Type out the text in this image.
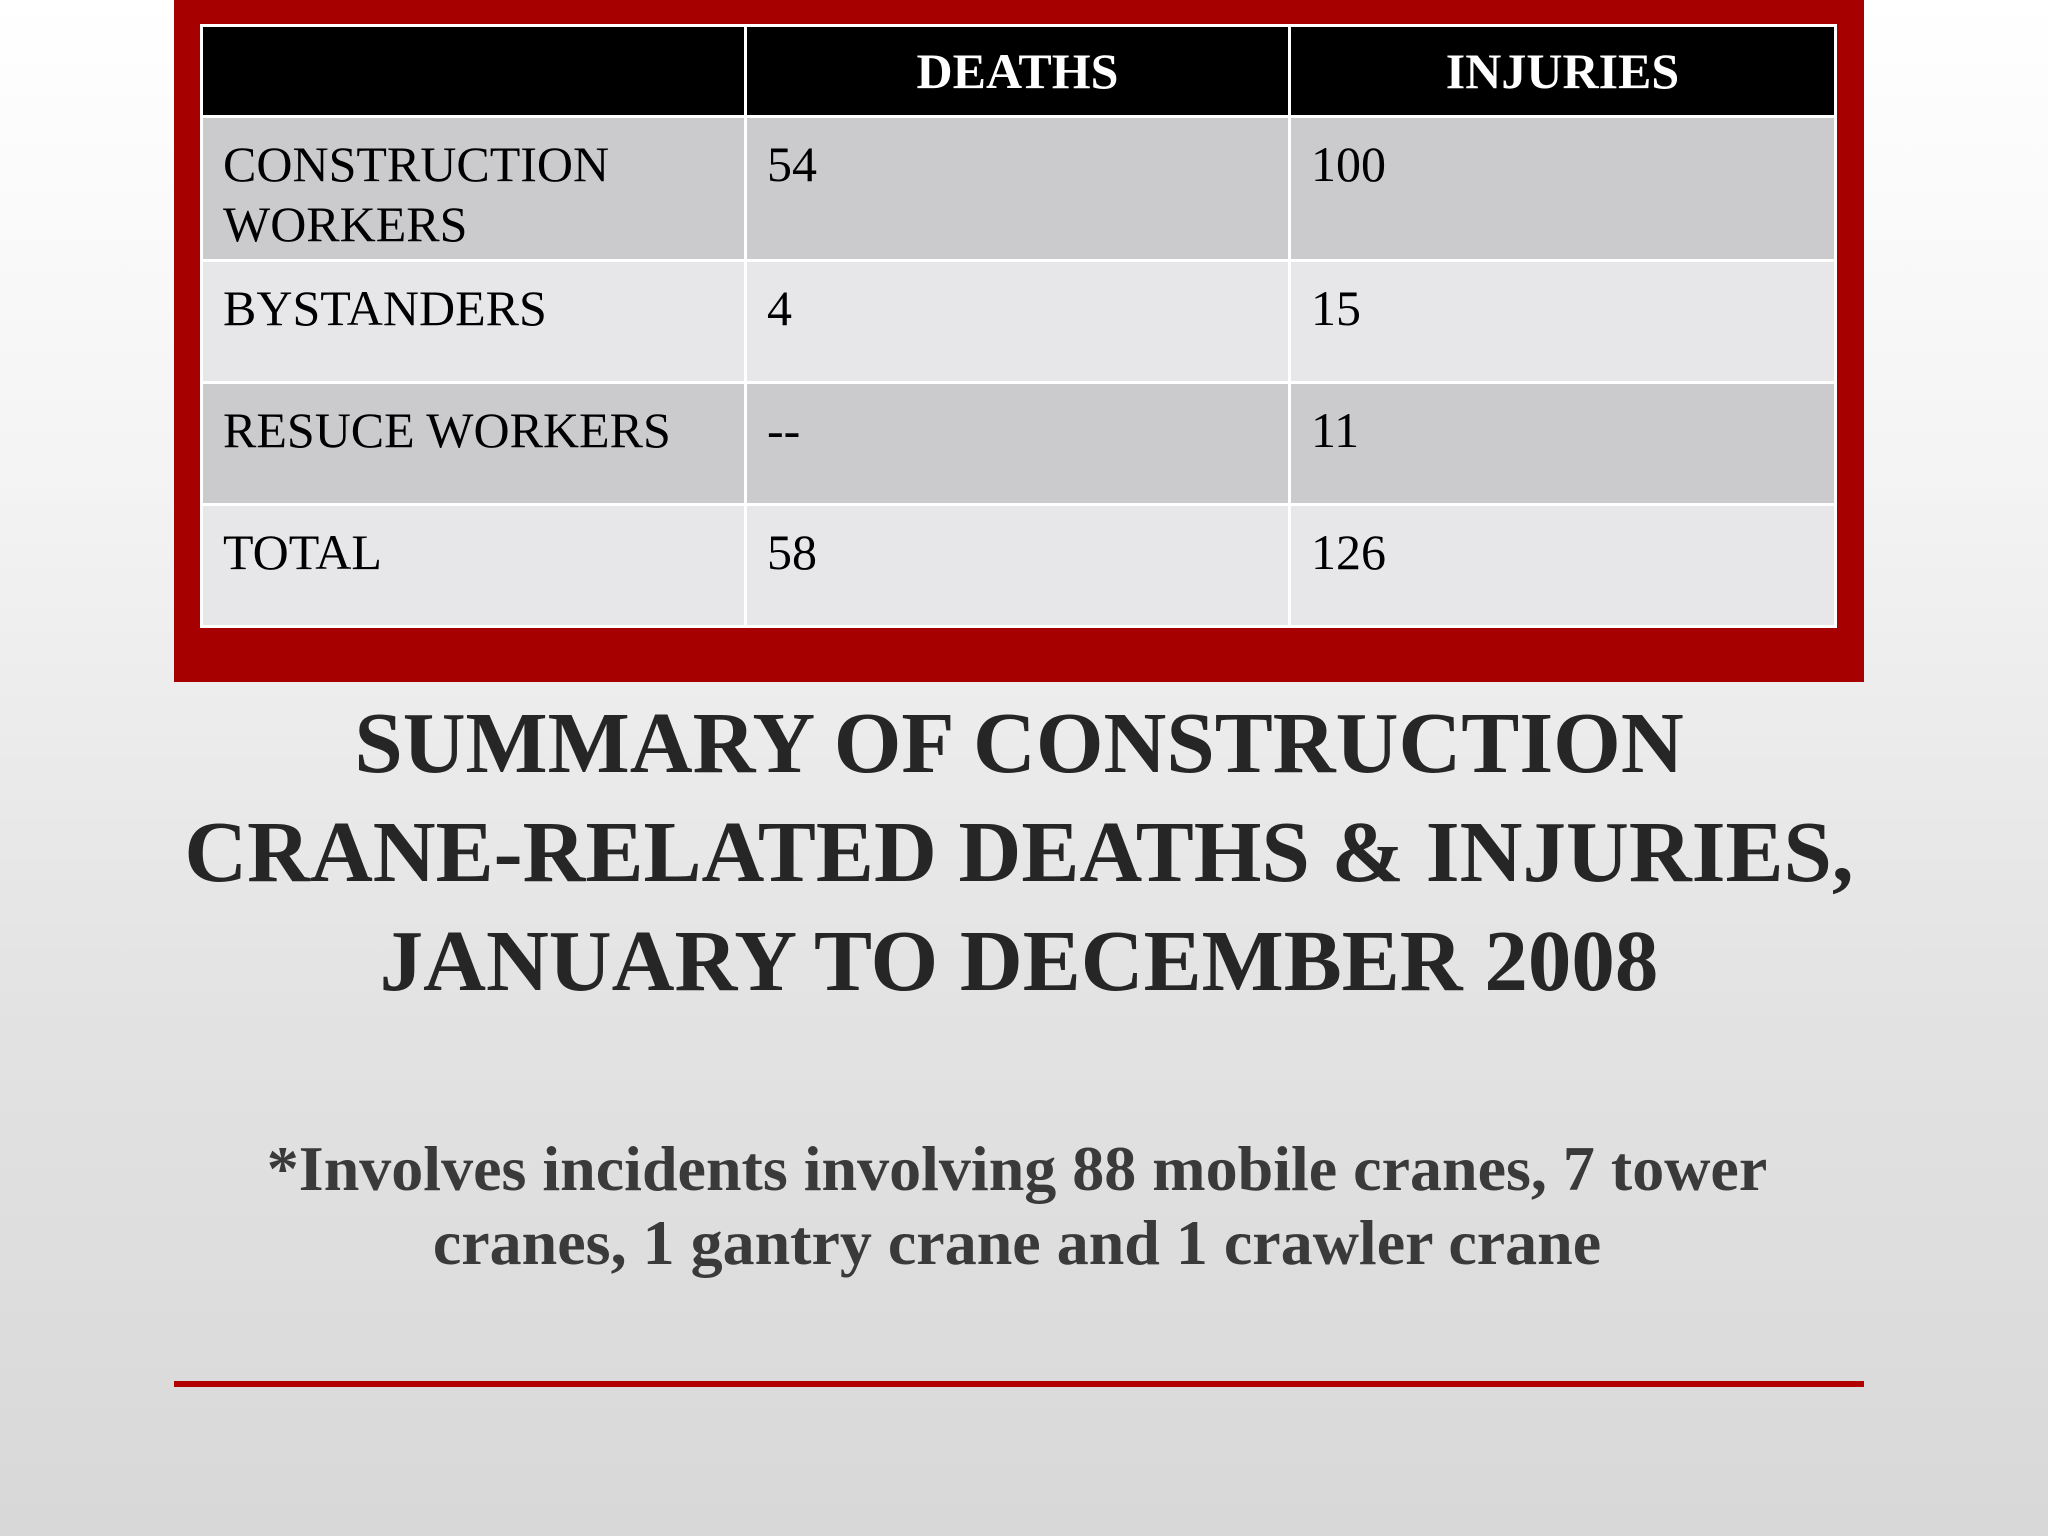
	DEATHS	INJURIES
CONSTRUCTION WORKERS	54	100
BYSTANDERS	4	15
RESUCE WORKERS	--	11
TOTAL	58	126
SUMMARY OF CONSTRUCTION CRANE-RELATED DEATHS & INJURIES, JANUARY TO DECEMBER 2008

*Involves incidents involving 88 mobile cranes, 7 tower cranes, 1 gantry crane and 1 crawler crane
